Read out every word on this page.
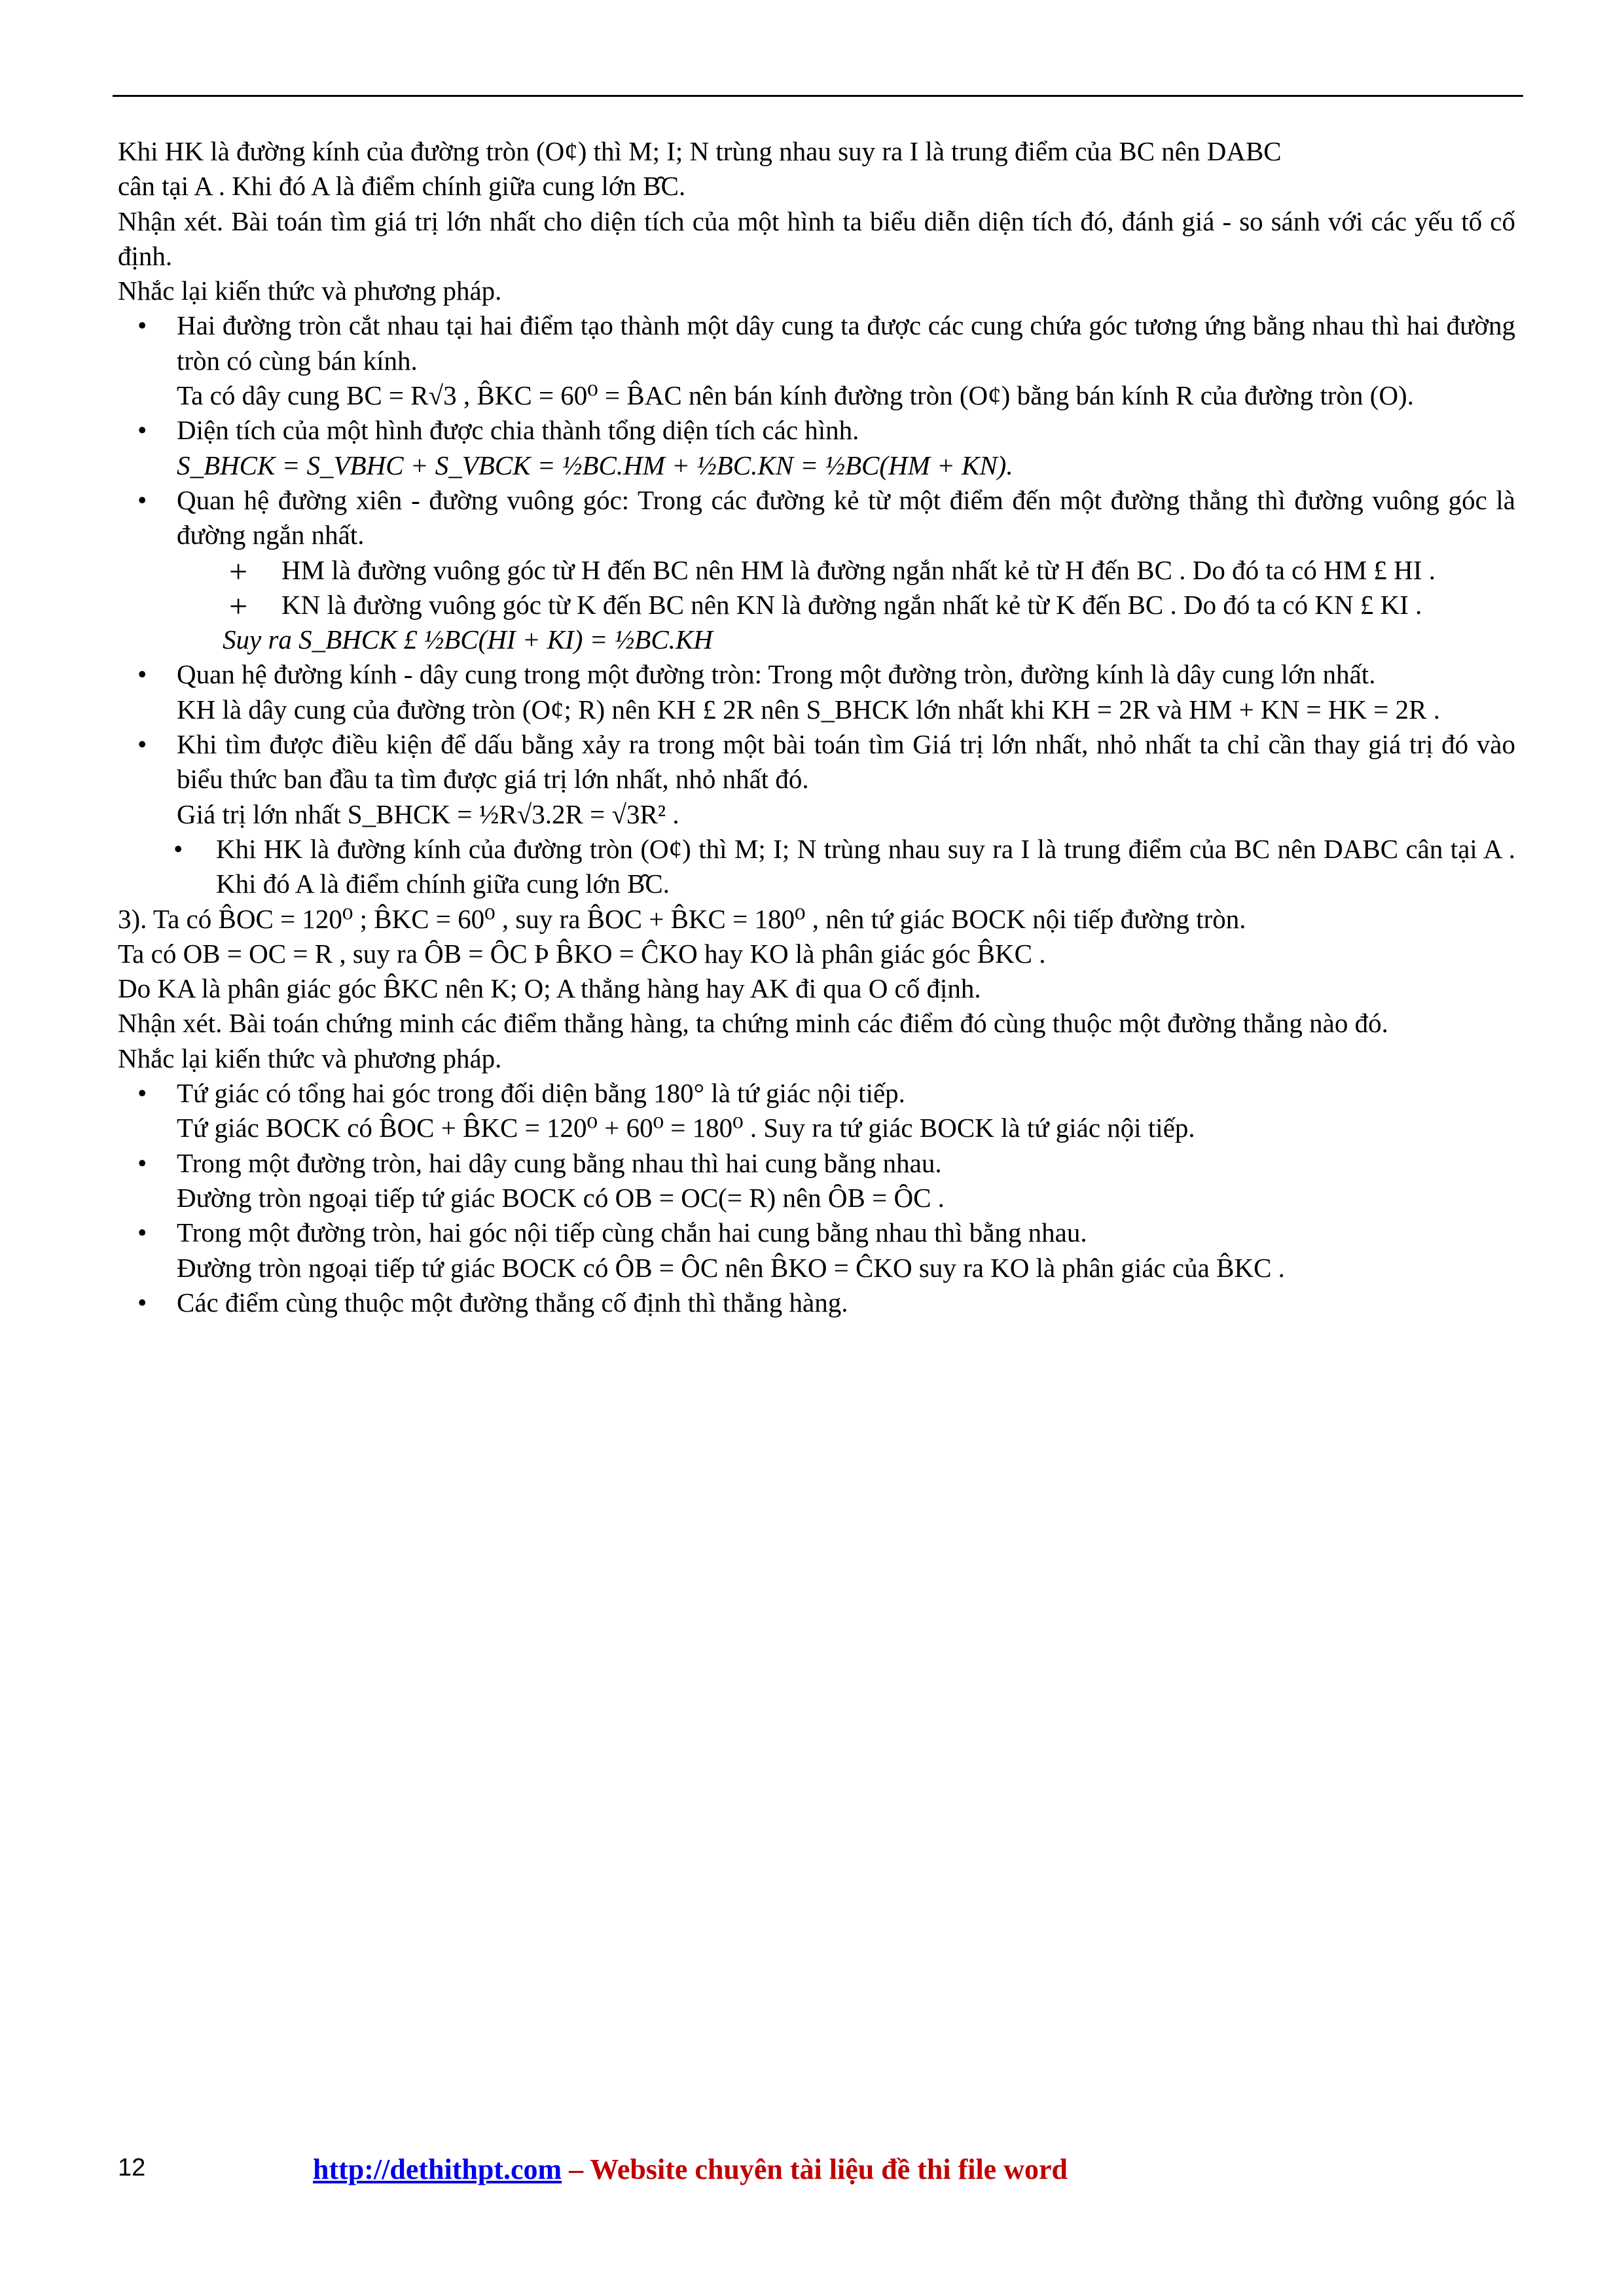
Khi HK là đường kính của đường tròn (O¢) thì M; I; N trùng nhau suy ra I là trung điểm của BC nên DABC

cân tại A . Khi đó A là điểm chính giữa cung lớn B̑C.

Nhận xét. Bài toán tìm giá trị lớn nhất cho diện tích của một hình ta biểu diễn diện tích đó, đánh giá - so sánh với các yếu tố cố định.

Nhắc lại kiến thức và phương pháp.

• Hai đường tròn cắt nhau tại hai điểm tạo thành một dây cung ta được các cung chứa góc tương ứng bằng nhau thì hai đường tròn có cùng bán kính.

Ta có dây cung BC = R√3 , B̂KC = 60⁰ = B̂AC nên bán kính đường tròn (O¢) bằng bán kính R của đường tròn (O).

• Diện tích của một hình được chia thành tổng diện tích các hình.

S_BHCK = S_VBHC + S_VBCK = ½BC.HM + ½BC.KN = ½BC(HM + KN).

• Quan hệ đường xiên - đường vuông góc: Trong các đường kẻ từ một điểm đến một đường thẳng thì đường vuông góc là đường ngắn nhất.

+ HM là đường vuông góc từ H đến BC nên HM là đường ngắn nhất kẻ từ H đến BC . Do đó ta có HM £ HI .

+ KN là đường vuông góc từ K đến BC nên KN là đường ngắn nhất kẻ từ K đến BC . Do đó ta có KN £ KI .

Suy ra S_BHCK £ ½BC(HI + KI) = ½BC.KH

• Quan hệ đường kính - dây cung trong một đường tròn: Trong một đường tròn, đường kính là dây cung lớn nhất.

KH là dây cung của đường tròn (O¢; R) nên KH £ 2R nên S_BHCK lớn nhất khi KH = 2R và HM + KN = HK = 2R .

• Khi tìm được điều kiện để dấu bằng xảy ra trong một bài toán tìm Giá trị lớn nhất, nhỏ nhất ta chỉ cần thay giá trị đó vào biểu thức ban đầu ta tìm được giá trị lớn nhất, nhỏ nhất đó.

Giá trị lớn nhất S_BHCK = ½R√3.2R = √3R² .

• Khi HK là đường kính của đường tròn (O¢) thì M; I; N trùng nhau suy ra I là trung điểm của BC nên DABC cân tại A . Khi đó A là điểm chính giữa cung lớn B̑C.

3). Ta có B̂OC = 120⁰ ; B̂KC = 60⁰ , suy ra B̂OC + B̂KC = 180⁰ , nên tứ giác BOCK nội tiếp đường tròn.

Ta có OB = OC = R , suy ra ȎB = ȎC Þ B̂KO = ĈKO hay KO là phân giác góc B̂KC .

Do KA là phân giác góc B̂KC nên K; O; A thẳng hàng hay AK đi qua O cố định.

Nhận xét. Bài toán chứng minh các điểm thẳng hàng, ta chứng minh các điểm đó cùng thuộc một đường thẳng nào đó.

Nhắc lại kiến thức và phương pháp.

• Tứ giác có tổng hai góc trong đối diện bằng 180° là tứ giác nội tiếp.

Tứ giác BOCK có B̂OC + B̂KC = 120⁰ + 60⁰ = 180⁰ . Suy ra tứ giác BOCK là tứ giác nội tiếp.

• Trong một đường tròn, hai dây cung bằng nhau thì hai cung bằng nhau.

Đường tròn ngoại tiếp tứ giác BOCK có OB = OC(= R) nên ȎB = ȎC .

• Trong một đường tròn, hai góc nội tiếp cùng chắn hai cung bằng nhau thì bằng nhau.

Đường tròn ngoại tiếp tứ giác BOCK có ȎB = ȎC nên B̂KO = ĈKO suy ra KO là phân giác của B̂KC .

• Các điểm cùng thuộc một đường thẳng cố định thì thẳng hàng.

12	http://dethithpt.com – Website chuyên tài liệu đề thi file word
